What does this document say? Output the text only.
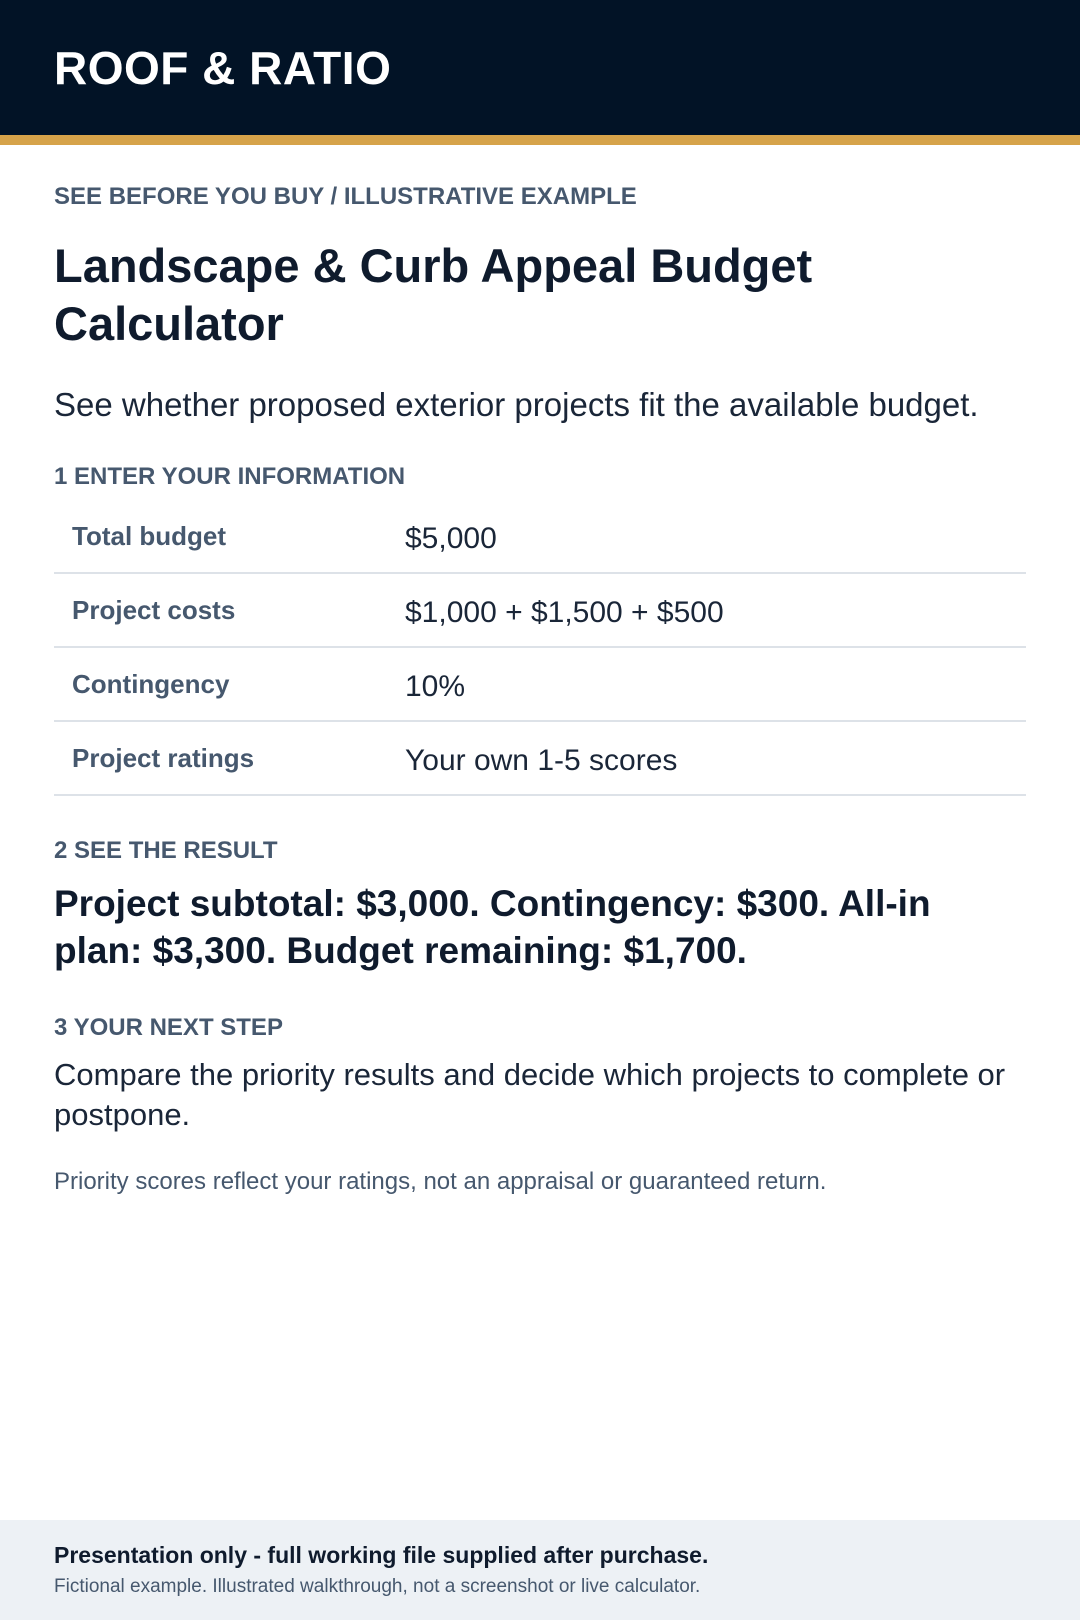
ROOF & RATIO
SEE BEFORE YOU BUY / ILLUSTRATIVE EXAMPLE
Landscape & Curb Appeal Budget Calculator
See whether proposed exterior projects fit the available budget.
1 ENTER YOUR INFORMATION
Total budget	$5,000
Project costs	$1,000 + $1,500 + $500
Contingency	10%
Project ratings	Your own 1-5 scores
2 SEE THE RESULT
Project subtotal: $3,000. Contingency: $300. All-in plan: $3,300. Budget remaining: $1,700.
3 YOUR NEXT STEP
Compare the priority results and decide which projects to complete or postpone.
Priority scores reflect your ratings, not an appraisal or guaranteed return.
Presentation only - full working file supplied after purchase.
Fictional example. Illustrated walkthrough, not a screenshot or live calculator.
